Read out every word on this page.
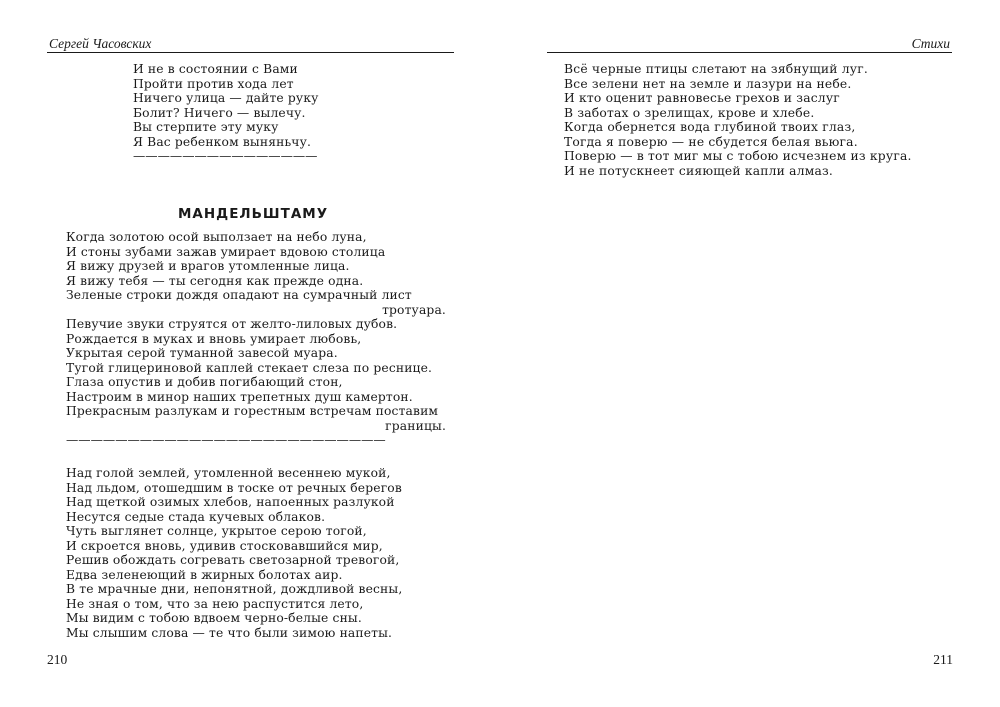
Сергей Часовских
И не в состоянии с Вами
Пройти против хода лет
Ничего улица — дайте руку
Болит? Ничего — вылечу.
Вы стерпите эту муку
Я Вас ребенком выняньчу.
———————————————
МАНДЕЛЬШТАМУ
Когда золотою осой выползает на небо луна,
И стоны зубами зажав умирает вдовою столица
Я вижу друзей и врагов утомленные лица.
Я вижу тебя — ты сегодня как прежде одна.
Зеленые строки дождя опадают на сумрачный лист
тротуара.
Певучие звуки струятся от желто-лиловых дубов.
Рождается в муках и вновь умирает любовь,
Укрытая серой туманной завесой муара.
Тугой глицериновой каплей стекает слеза по реснице.
Глаза опустив и добив погибающий стон,
Настроим в минор наших трепетных душ камертон.
Прекрасным разлукам и горестным встречам поставим
границы.
——————————————————————————
Над голой землей, утомленной весеннею мукой,
Над льдом, отошедшим в тоске от речных берегов
Над щеткой озимых хлебов, напоенных разлукой
Несутся седые стада кучевых облаков.
Чуть выглянет солнце, укрытое серою тогой,
И скроется вновь, удивив стосковавшийся мир,
Решив обождать согревать светозарной тревогой,
Едва зеленеющий в жирных болотах аир.
В те мрачные дни, непонятной, дождливой весны,
Не зная о том, что за нею распустится лето,
Мы видим с тобою вдвоем черно-белые сны.
Мы слышим слова — те что были зимою напеты.
210
Стихи
Всё черные птицы слетают на зябнущий луг.
Все зелени нет на земле и лазури на небе.
И кто оценит равновесье грехов и заслуг
В заботах о зрелищах, крове и хлебе.
Когда обернется вода глубиной твоих глаз,
Тогда я поверю — не сбудется белая вьюга.
Поверю — в тот миг мы с тобою исчезнем из круга.
И не потускнеет сияющей капли алмаз.
211
